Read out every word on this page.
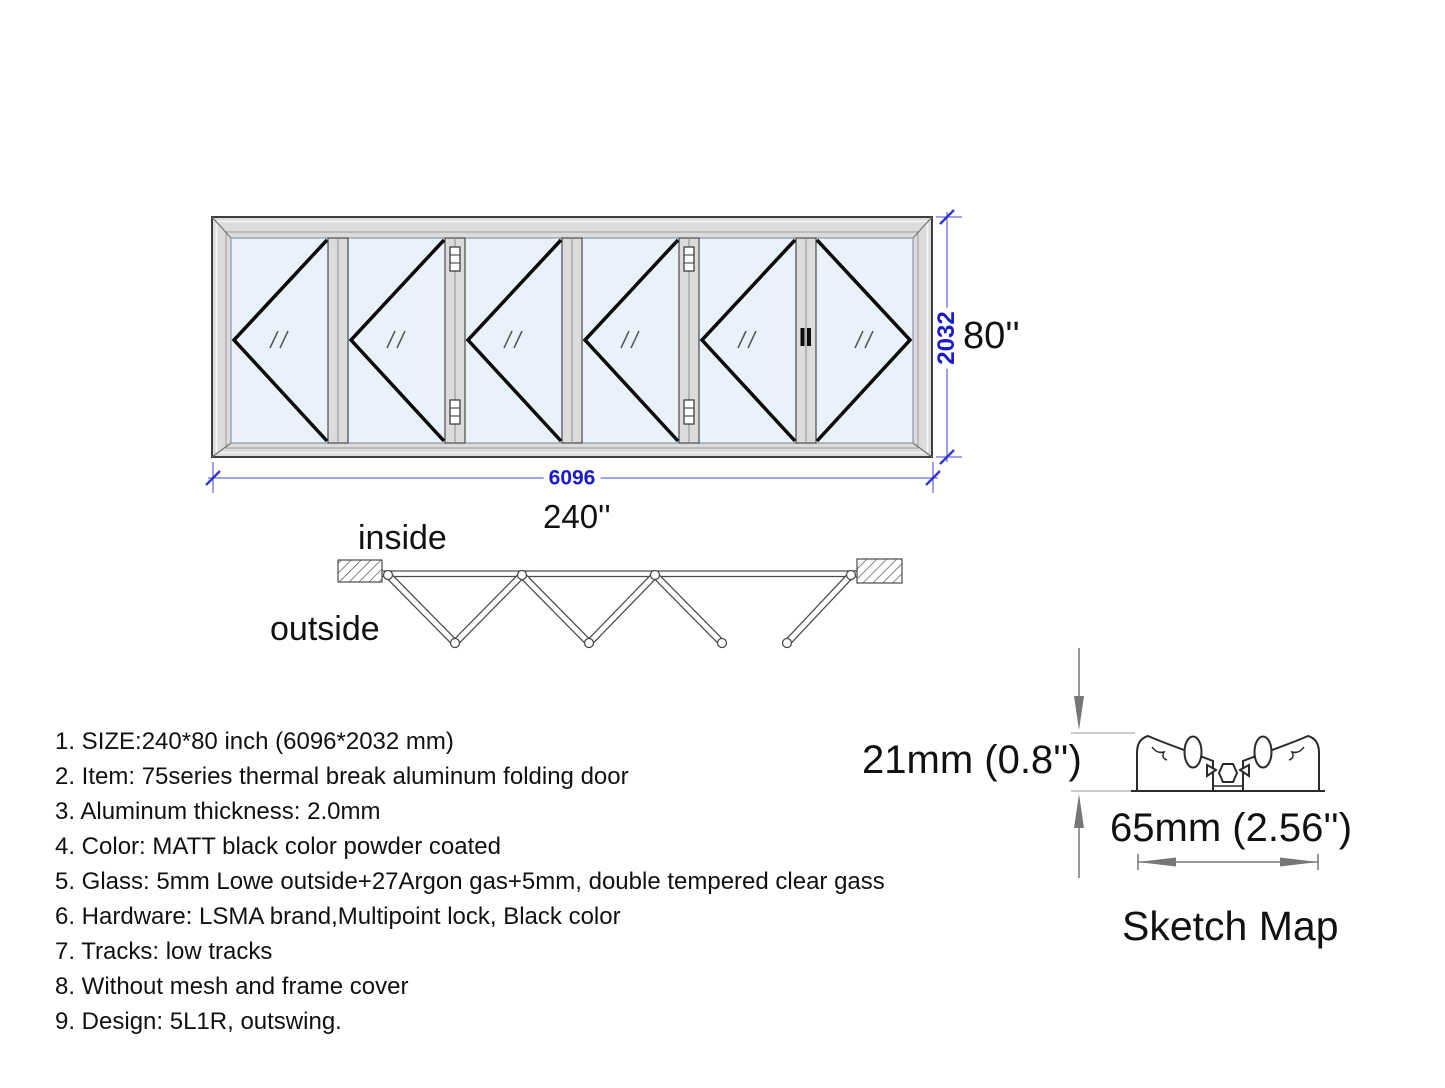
6096
240''
2032 80''
inside
outside
1. SIZE:240*80 inch (6096*2032 mm)
2. Item: 75series thermal break aluminum folding door
3. Aluminum thickness: 2.0mm
4. Color: MATT black color powder coated
5. Glass: 5mm Lowe outside+27Argon gas+5mm, double tempered clear gass
6. Hardware: LSMA brand,Multipoint lock, Black color
7. Tracks: low tracks
8. Without mesh and frame cover
9. Design: 5L1R, outswing.
21mm (0.8'')
65mm (2.56'')
Sketch Map
